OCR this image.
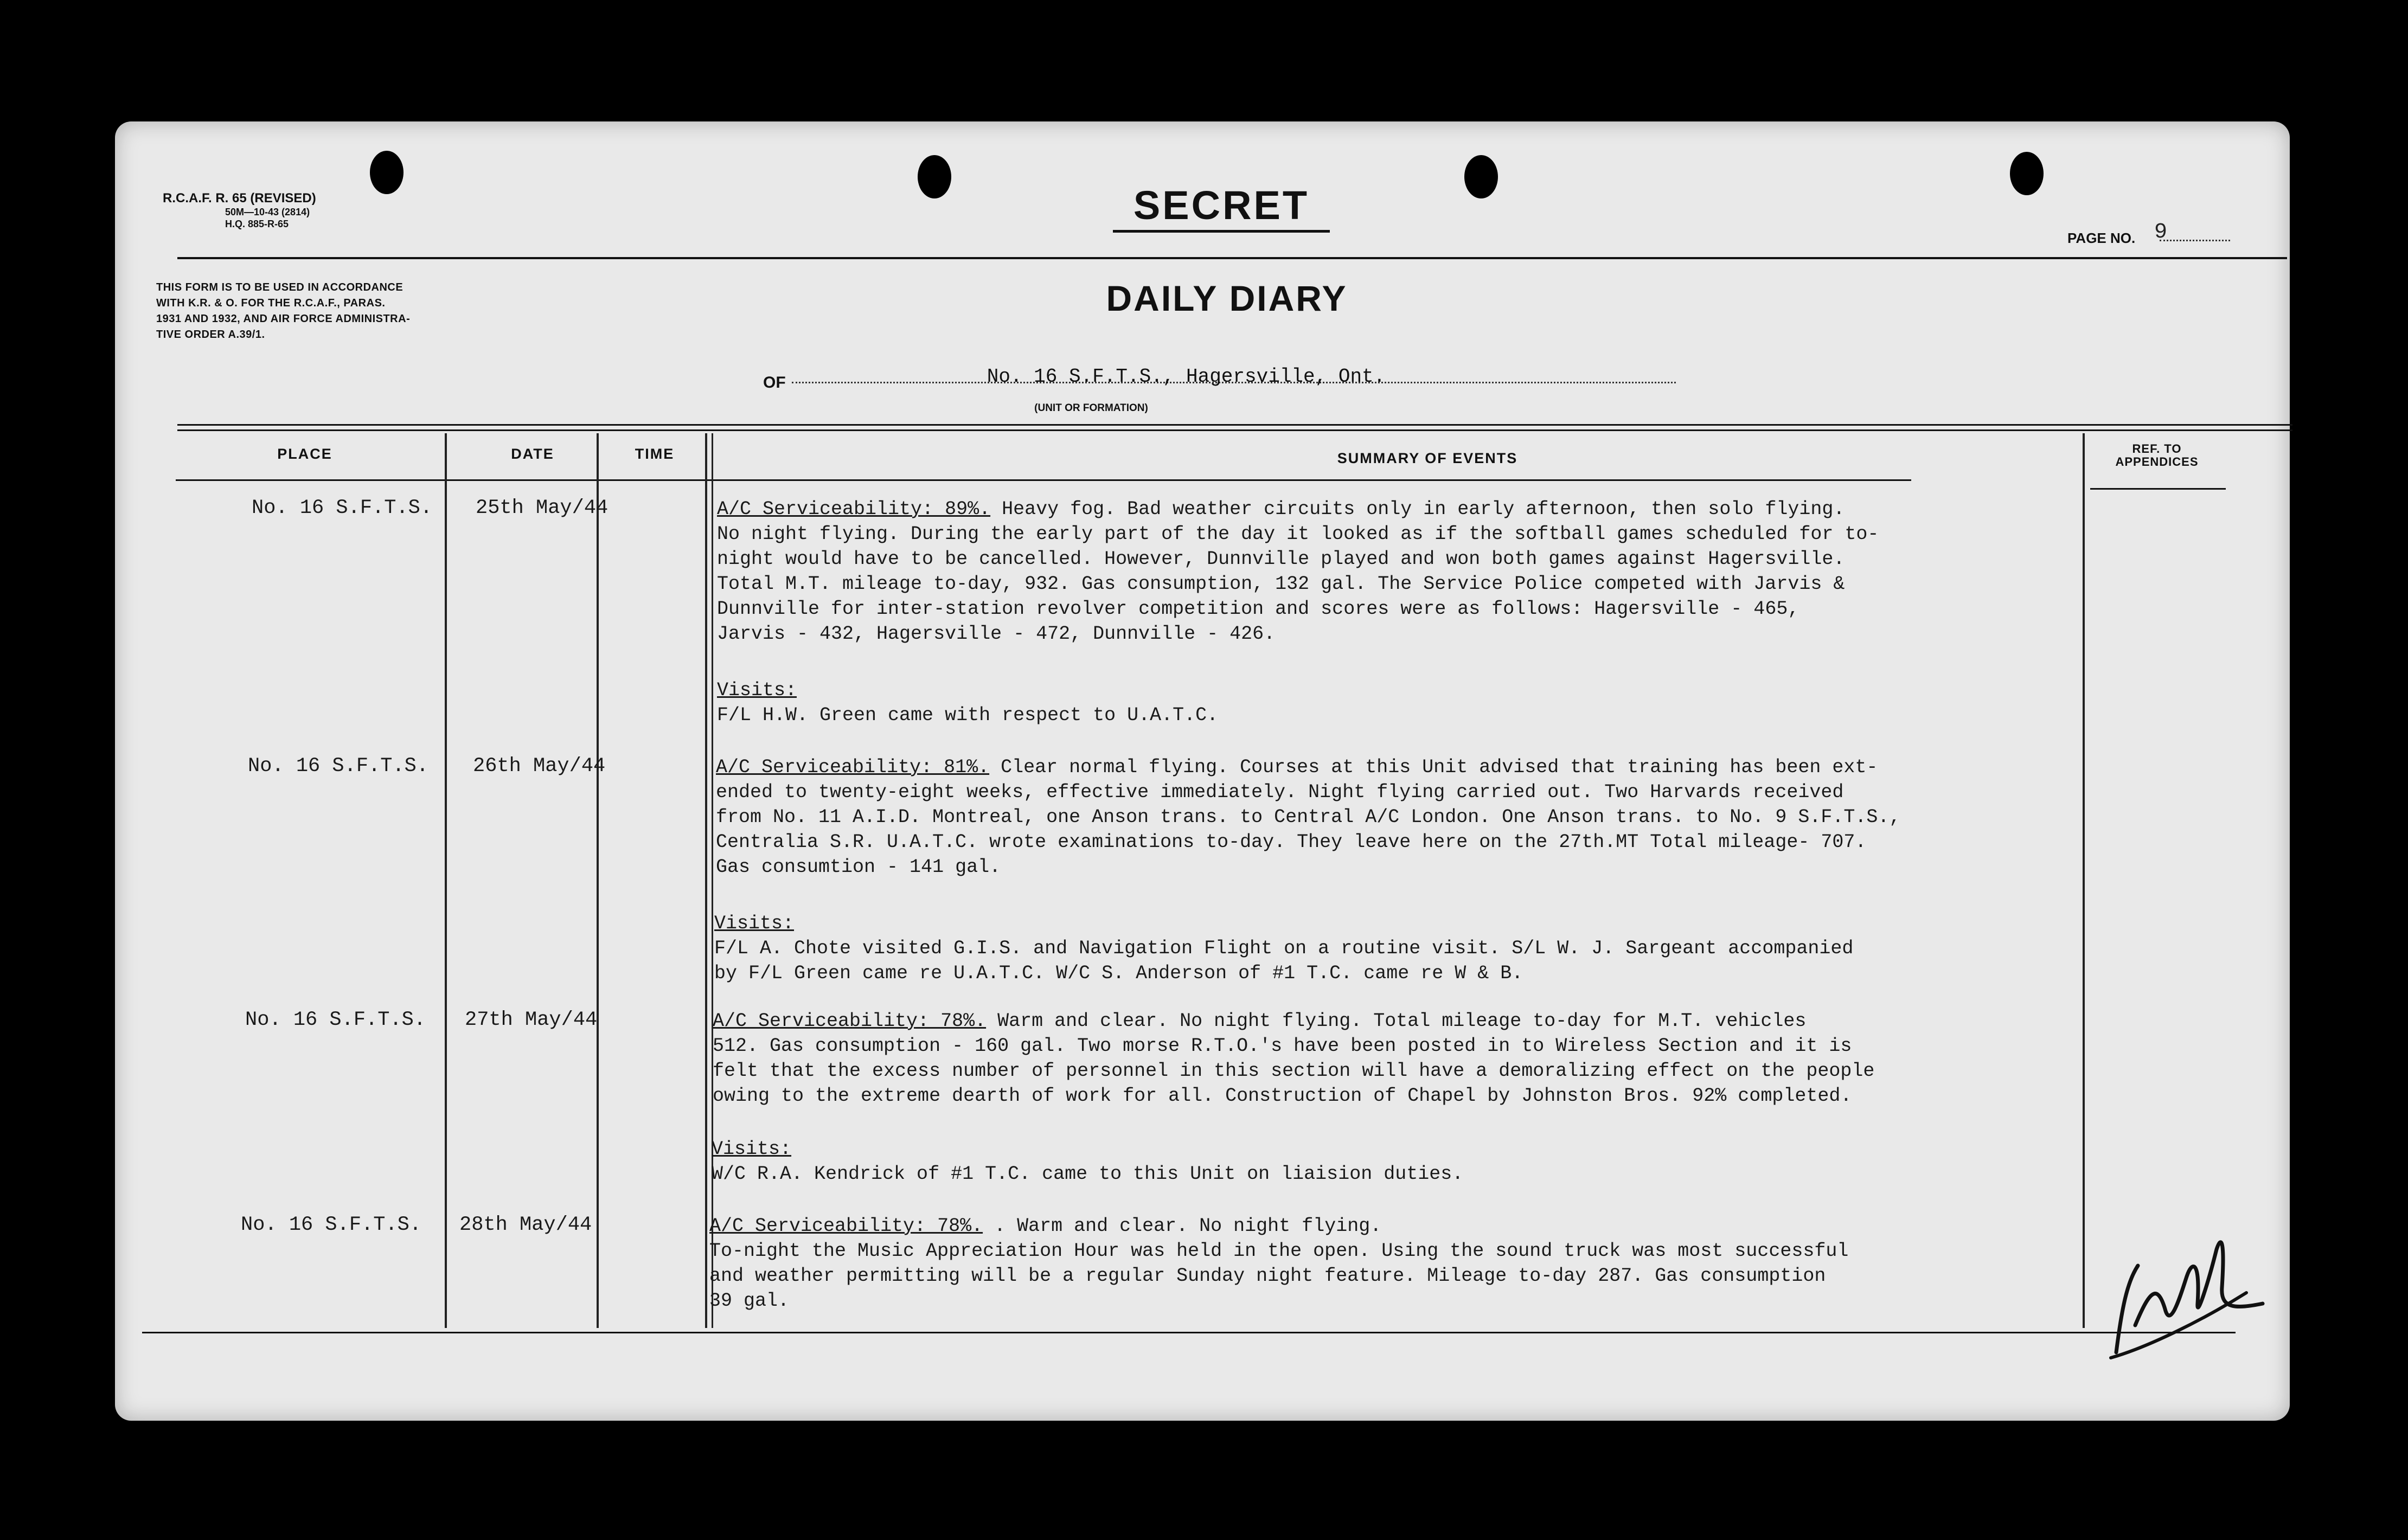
R.C.A.F. R. 65 (REVISED)
50M—10-43 (2814)
H.Q. 885-R-65	SECRET
PAGE NO. 9
THIS FORM IS TO BE USED IN ACCORDANCE
WITH K.R. & O. FOR THE R.C.A.F., PARAS.
1931 AND 1932, AND AIR FORCE ADMINISTRA-
TIVE ORDER A.39/1.
DAILY DIARY
OF	No. 16 S.F.T.S., Hagersville, Ont.
(UNIT OR FORMATION)
PLACE	DATE	TIME	SUMMARY OF EVENTS
REF. TO
APPENDICES
No. 16 S.F.T.S. 25th May/44	A/C Serviceability: 89%. Heavy fog. Bad weather circuits only in early afternoon, then solo flying.
No night flying. During the early part of the day it looked as if the softball games scheduled for to-
night would have to be cancelled. However, Dunnville played and won both games against Hagersville.
Total M.T. mileage to-day, 932. Gas consumption, 132 gal. The Service Police competed with Jarvis &
Dunnville for inter-station revolver competition and scores were as follows: Hagersville - 465,
Jarvis - 432, Hagersville - 472, Dunnville - 426.
Visits:
F/L H.W. Green came with respect to U.A.T.C.
No. 16 S.F.T.S. 26th May/44	A/C Serviceability: 81%. Clear normal flying. Courses at this Unit advised that training has been ext-
ended to twenty-eight weeks, effective immediately. Night flying carried out. Two Harvards received
from No. 11 A.I.D. Montreal, one Anson trans. to Central A/C London. One Anson trans. to No. 9 S.F.T.S.,
Centralia S.R. U.A.T.C. wrote examinations to-day. They leave here on the 27th.MT Total mileage- 707.
Gas consumtion - 141 gal.
Visits:
F/L A. Chote visited G.I.S. and Navigation Flight on a routine visit. S/L W. J. Sargeant accompanied
by F/L Green came re U.A.T.C. W/C S. Anderson of #1 T.C. came re W & B.
No. 16 S.F.T.S. 27th May/44	A/C Serviceability: 78%. Warm and clear. No night flying. Total mileage to-day for M.T. vehicles
512. Gas consumption - 160 gal. Two morse R.T.O.'s have been posted in to Wireless Section and it is
felt that the excess number of personnel in this section will have a demoralizing effect on the people
owing to the extreme dearth of work for all. Construction of Chapel by Johnston Bros. 92% completed.
Visits:
W/C R.A. Kendrick of #1 T.C. came to this Unit on liaision duties.
No. 16 S.F.T.S. 28th May/44	A/C Serviceability: 78%. . Warm and clear. No night flying.
To-night the Music Appreciation Hour was held in the open. Using the sound truck was most successful
and weather permitting will be a regular Sunday night feature. Mileage to-day 287. Gas consumption
39 gal.
